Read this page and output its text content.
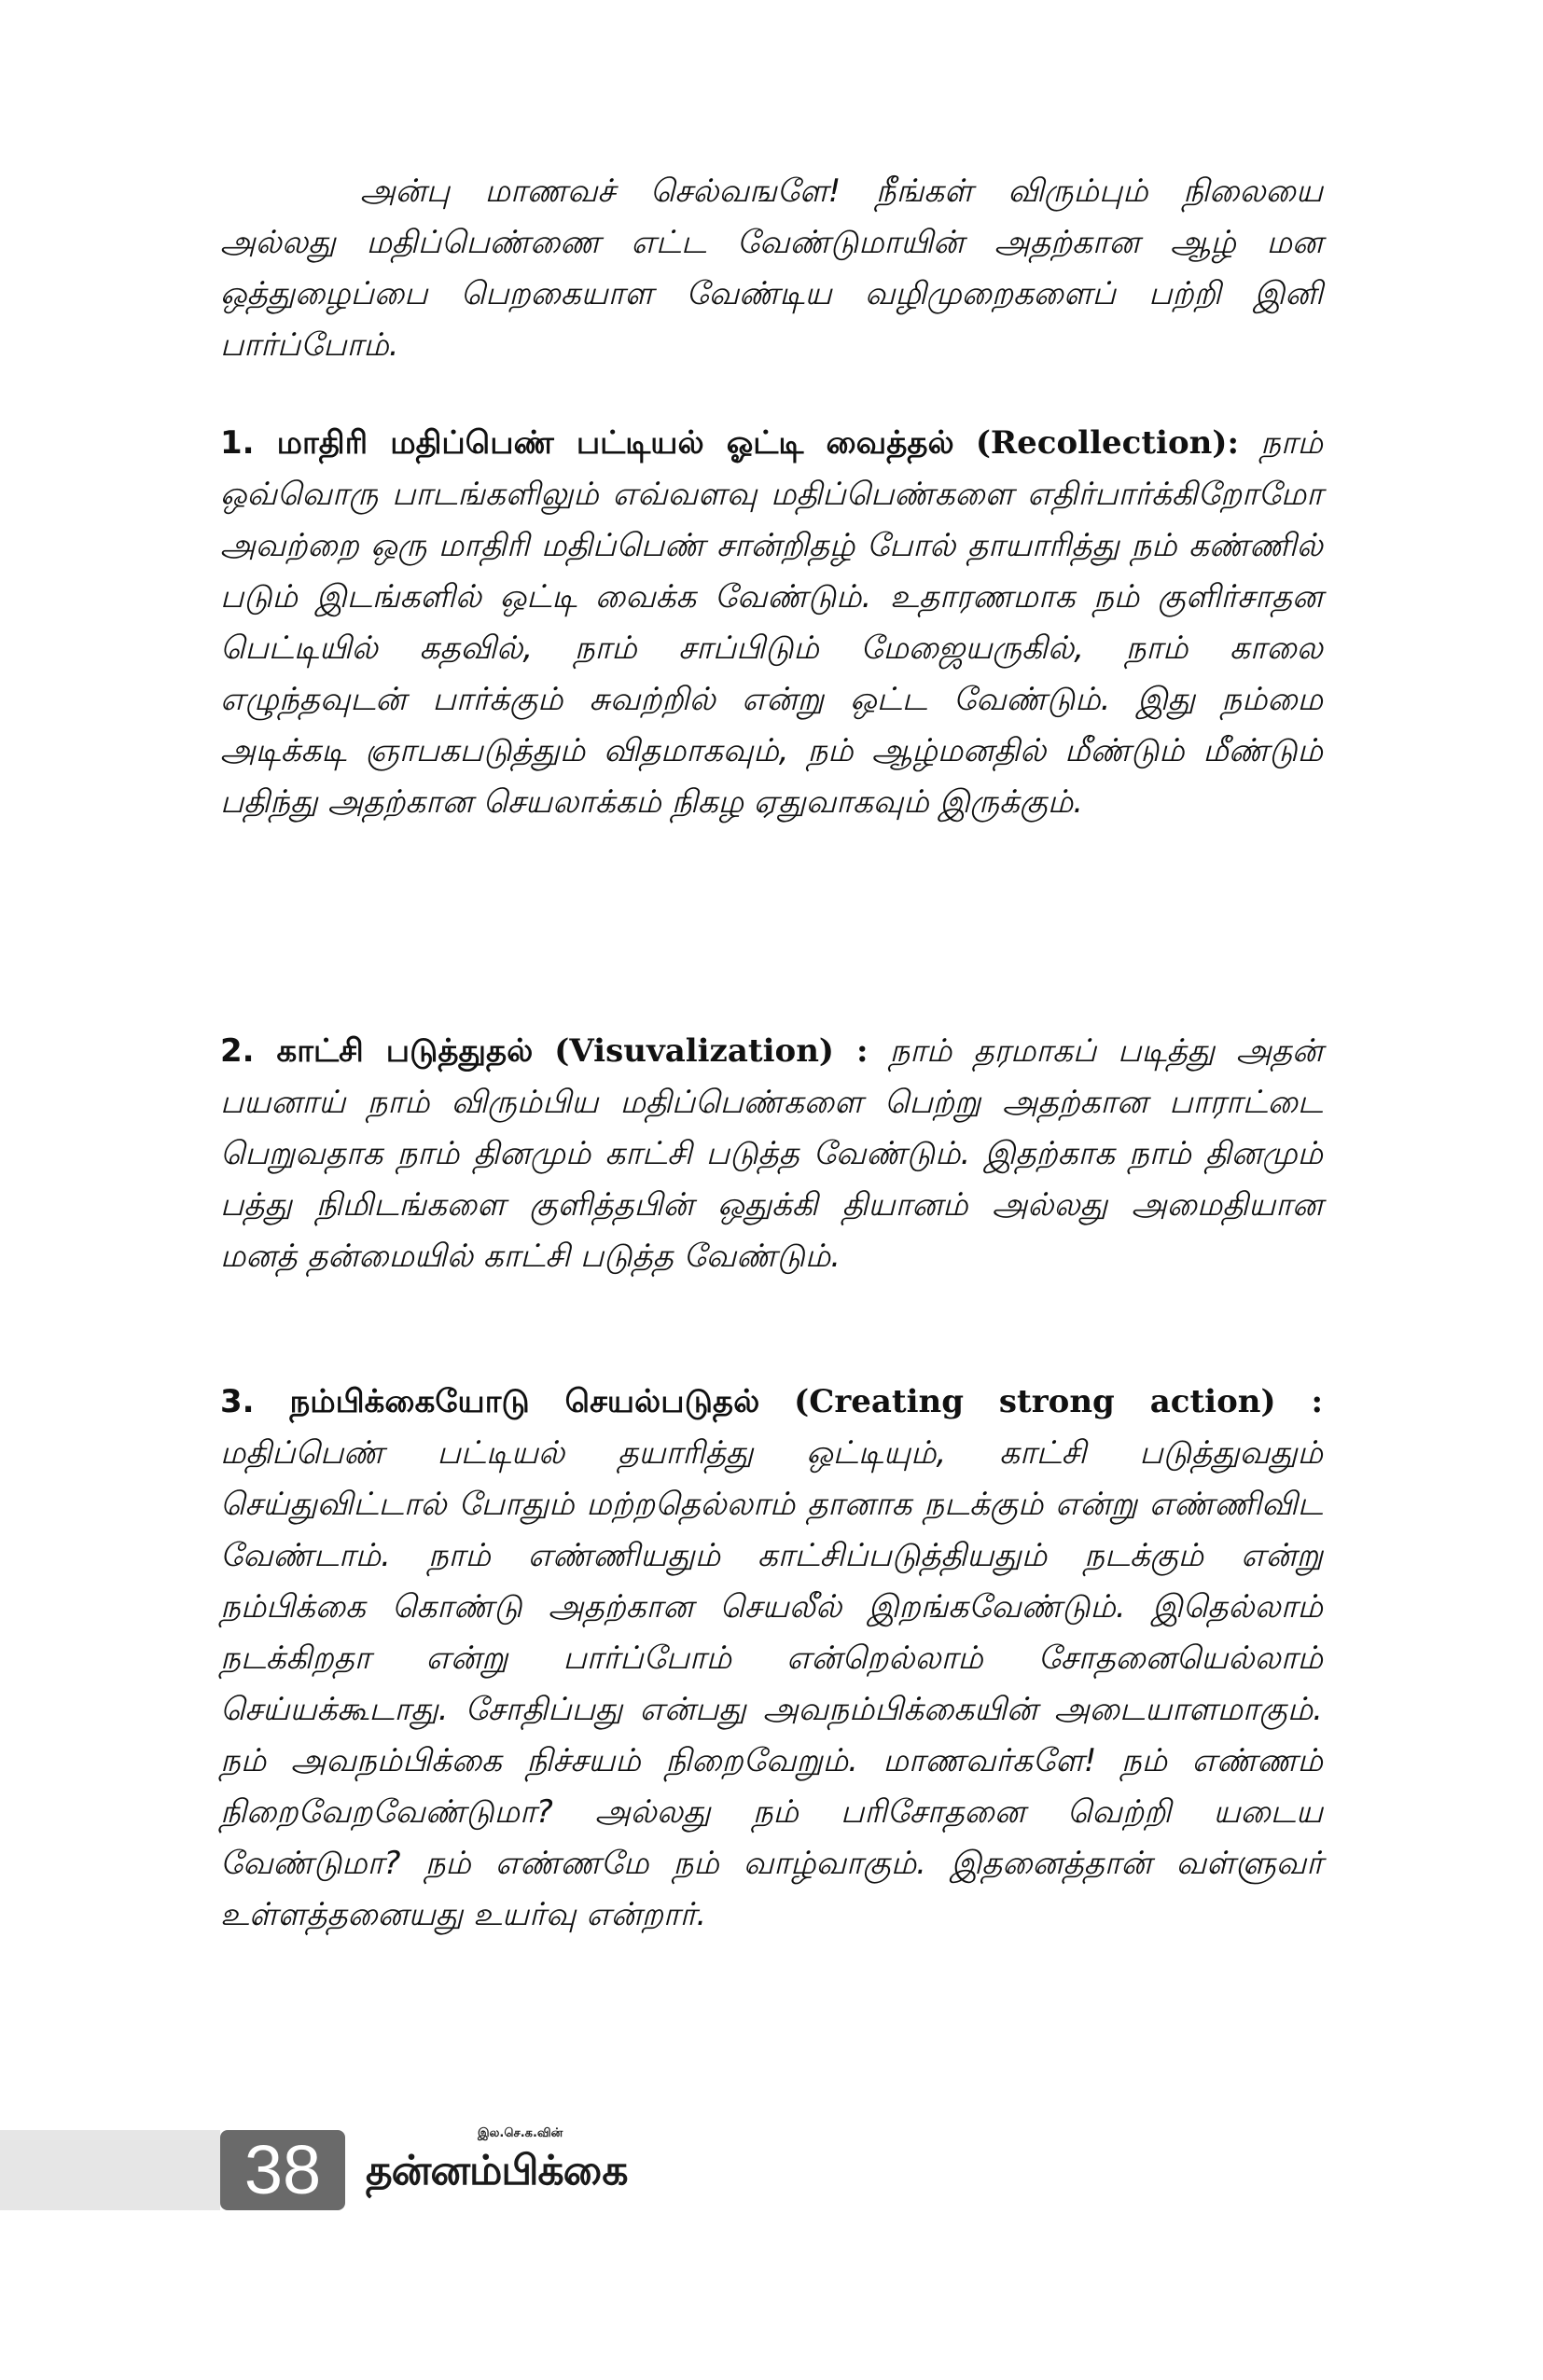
அன்பு மாணவச் செல்வஙளே! நீங்கள் விரும்பும் நிலையை அல்லது மதிப்பெண்ணை எட்ட வேண்டுமாயின் அதற்கான ஆழ் மன ஒத்துழைப்பை பெறகையாள வேண்டிய வழிமுறைகளைப் பற்றி இனி பார்ப்போம்.

1. மாதிரி மதிப்பெண் பட்டியல் ஓட்டி வைத்தல் (Recollection): நாம் ஒவ்வொரு பாடங்களிலும் எவ்வளவு மதிப்பெண்களை எதிர்பார்க்கிறோமோ அவற்றை ஒரு மாதிரி மதிப்பெண் சான்றிதழ் போல் தாயாரித்து நம் கண்ணில் படும் இடங்களில் ஒட்டி வைக்க வேண்டும். உதாரணமாக நம் குளிர்சாதன பெட்டியில் கதவில், நாம் சாப்பிடும் மேஜையருகில், நாம் காலை எழுந்தவுடன் பார்க்கும் சுவற்றில் என்று ஒட்ட வேண்டும். இது நம்மை அடிக்கடி ஞாபகபடுத்தும் விதமாகவும், நம் ஆழ்மனதில் மீண்டும் மீண்டும் பதிந்து அதற்கான செயலாக்கம் நிகழ ஏதுவாகவும் இருக்கும்.

2. காட்சி படுத்துதல் (Visuvalization) : நாம் தரமாகப் படித்து அதன் பயனாய் நாம் விரும்பிய மதிப்பெண்களை பெற்று அதற்கான பாராட்டை பெறுவதாக நாம் தினமும் காட்சி படுத்த வேண்டும். இதற்காக நாம் தினமும் பத்து நிமிடங்களை குளித்தபின் ஒதுக்கி தியானம் அல்லது அமைதியான மனத் தன்மையில் காட்சி படுத்த வேண்டும்.

3. நம்பிக்கையோடு செயல்படுதல் (Creating strong action) : மதிப்பெண் பட்டியல் தயாரித்து ஒட்டியும், காட்சி படுத்துவதும் செய்துவிட்டால் போதும் மற்றதெல்லாம் தானாக நடக்கும் என்று எண்ணிவிட வேண்டாம். நாம் எண்ணியதும் காட்சிப்படுத்தியதும் நடக்கும் என்று நம்பிக்கை கொண்டு அதற்கான செயலீல் இறங்கவேண்டும். இதெல்லாம் நடக்கிறதா என்று பார்ப்போம் என்றெல்லாம் சோதனையெல்லாம் செய்யக்கூடாது. சோதிப்பது என்பது அவநம்பிக்கையின் அடையாளமாகும். நம் அவநம்பிக்கை நிச்சயம் நிறைவேறும். மாணவர்களே! நம் எண்ணம் நிறைவேறவேண்டுமா? அல்லது நம் பரிசோதனை வெற்றி யடைய வேண்டுமா? நம் எண்ணமே நம் வாழ்வாகும். இதனைத்தான் வள்ளுவர் உள்ளத்தனையது உயர்வு என்றார்.

38	இல.செ.க.வின்
தன்னம்பிக்கை
